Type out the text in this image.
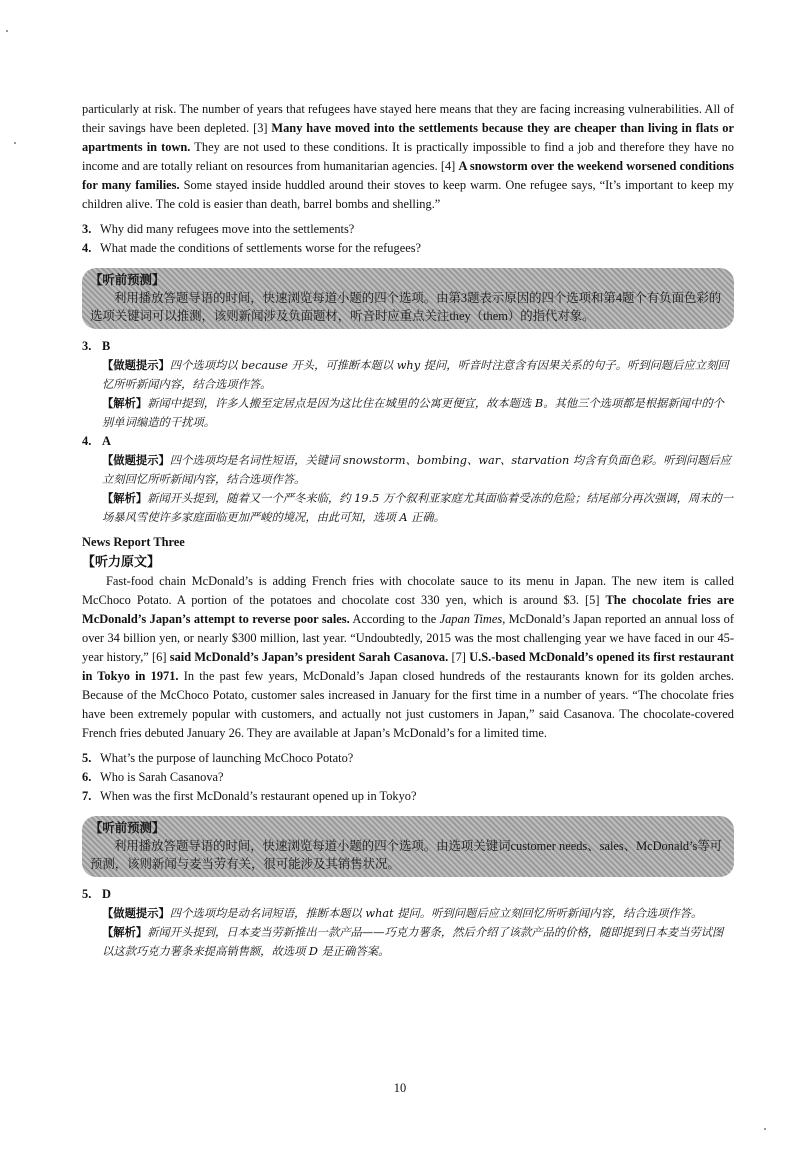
particularly at risk. The number of years that refugees have stayed here means that they are facing increasing vulnerabilities. All of their savings have been depleted. [3] Many have moved into the settlements because they are cheaper than living in flats or apartments in town. They are not used to these conditions. It is practically impossible to find a job and therefore they have no income and are totally reliant on resources from humanitarian agencies. [4] A snowstorm over the weekend worsened conditions for many families. Some stayed inside huddled around their stoves to keep warm. One refugee says, “It’s important to keep my children alive. The cold is easier than death, barrel bombs and shelling.”

3. Why did many refugees move into the settlements?
4. What made the conditions of settlements worse for the refugees?
【听前预测】
利用播放答题导语的时间，快速浏览每道小题的四个选项。由第3题表示原因的四个选项和第4题个有负面色彩的选项关键词可以推测，该则新闻涉及负面题材，听音时应重点关注they（them）的指代对象。
3. B
【做题提示】四个选项均以 because 开头，可推断本题以 why 提问，听音时注意含有因果关系的句子。听到问题后应立刻回忆所听新闻内容，结合选项作答。
【解析】新闻中提到，许多人搬至定居点是因为这比住在城里的公寓更便宜，故本题选 B。其他三个选项都是根据新闻中的个别单词编造的干扰项。
4. A
【做题提示】四个选项均是名词性短语，关键词 snowstorm、bombing、war、starvation 均含有负面色彩。听到问题后应立刻回忆所听新闻内容，结合选项作答。
【解析】新闻开头提到，随着又一个严冬来临，约 19.5 万个叙利亚家庭尤其面临着受冻的危险；结尾部分再次强调，周末的一场暴风雪使许多家庭面临更加严峻的境况，由此可知，选项 A 正确。
News Report Three
【听力原文】

Fast-food chain McDonald’s is adding French fries with chocolate sauce to its menu in Japan. The new item is called McChoco Potato. A portion of the potatoes and chocolate cost 330 yen, which is around $3. [5] The chocolate fries are McDonald’s Japan’s attempt to reverse poor sales. According to the Japan Times, McDonald’s Japan reported an annual loss of over 34 billion yen, or nearly $300 million, last year. “Undoubtedly, 2015 was the most challenging year we have faced in our 45-year history,” [6] said McDonald’s Japan’s president Sarah Casanova. [7] U.S.-based McDonald’s opened its first restaurant in Tokyo in 1971. In the past few years, McDonald’s Japan closed hundreds of the restaurants known for its golden arches. Because of the McChoco Potato, customer sales increased in January for the first time in a number of years. “The chocolate fries have been extremely popular with customers, and actually not just customers in Japan,” said Casanova. The chocolate-covered French fries debuted January 26. They are available at Japan’s McDonald’s for a limited time.

5. What’s the purpose of launching McChoco Potato?
6. Who is Sarah Casanova?
7. When was the first McDonald’s restaurant opened up in Tokyo?
【听前预测】
利用播放答题导语的时间，快速浏览每道小题的四个选项。由选项关键词customer needs、sales、McDonald’s等可预测，该则新闻与麦当劳有关，很可能涉及其销售状况。
5. D
【做题提示】四个选项均是动名词短语，推断本题以 what 提问。听到问题后应立刻回忆所听新闻内容，结合选项作答。
【解析】新闻开头提到，日本麦当劳新推出一款产品——巧克力薯条，然后介绍了该款产品的价格，随即提到日本麦当劳试图以这款巧克力薯条来提高销售额，故选项 D 是正确答案。
10
